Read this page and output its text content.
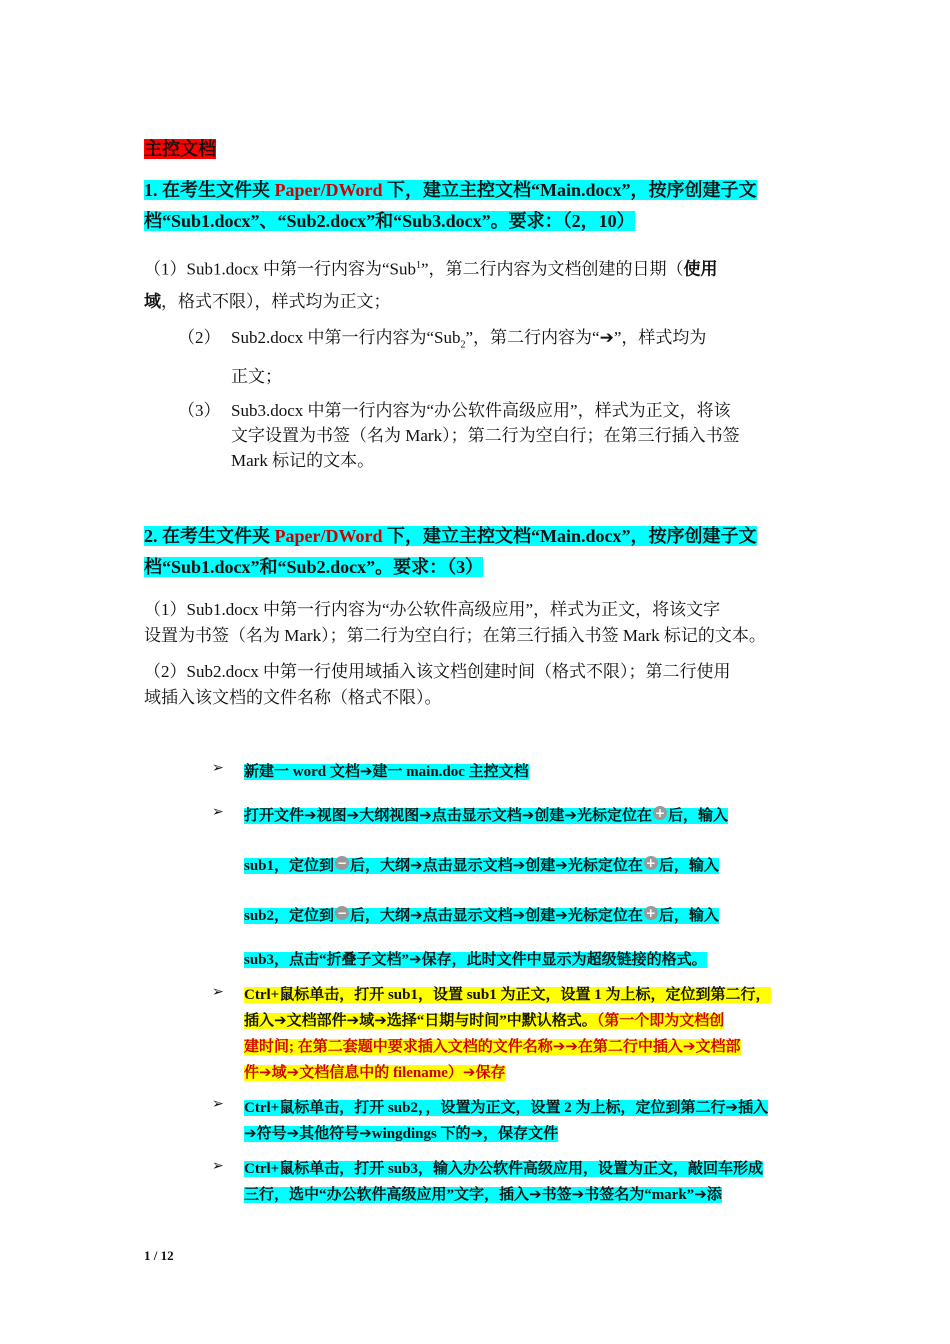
主控文档
1. 在考生文件夹 Paper/DWord 下，建立主控文档“Main.docx”，按序创建子文
档“Sub1.docx”、“Sub2.docx”和“Sub3.docx”。要求：（2，10）
（1）Sub1.docx 中第一行内容为“Sub$^1$”，第二行内容为文档创建的日期（使用
域，格式不限），样式均为正文；
（2） Sub2.docx 中第一行内容为“Sub$_2$”，第二行内容为“➔”，样式均为
正文；
（3） Sub3.docx 中第一行内容为“办公软件高级应用”，样式为正文，将该
文字设置为书签（名为 Mark）；第二行为空白行；在第三行插入书签
Mark 标记的文本。
2. 在考生文件夹 Paper/DWord 下，建立主控文档“Main.docx”，按序创建子文
档“Sub1.docx”和“Sub2.docx”。要求：（3）
（1）Sub1.docx 中第一行内容为“办公软件高级应用”，样式为正文，将该文字
设置为书签（名为 Mark）；第二行为空白行；在第三行插入书签 Mark 标记的文本。
（2）Sub2.docx 中第一行使用域插入该文档创建时间（格式不限）；第二行使用
域插入该文档的文件名称（格式不限）。
➢ 新建一 word 文档➔建一 main.doc 主控文档
➢ 打开文件➔视图➔大纲视图➔点击显示文档➔创建➔光标定位在 + 后，输入
sub1，定位到 − 后，大纲➔点击显示文档➔创建➔光标定位在 + 后，输入
sub2，定位到 − 后，大纲➔点击显示文档➔创建➔光标定位在 + 后，输入
sub3，点击“折叠子文档”➔保存，此时文件中显示为超级链接的格式。
➢ Ctrl+鼠标单击，打开 sub1，设置 sub1 为正文，设置 1 为上标，定位到第二行，
插入➔文档部件➔域➔选择“日期与时间”中默认格式。（第一个即为文档创
建时间; 在第二套题中要求插入文档的文件名称➔➔在第二行中插入➔文档部
件➔域➔文档信息中的 filename）➔保存
➢ Ctrl+鼠标单击，打开 sub2，，设置为正文，设置 2 为上标，定位到第二行➔插入
➔符号➔其他符号➔wingdings 下的➔，保存文件
➢ Ctrl+鼠标单击，打开 sub3，输入办公软件高级应用，设置为正文，敲回车形成
三行，选中“办公软件高级应用”文字，插入➔书签➔书签名为“mark”➔添
1 / 12
